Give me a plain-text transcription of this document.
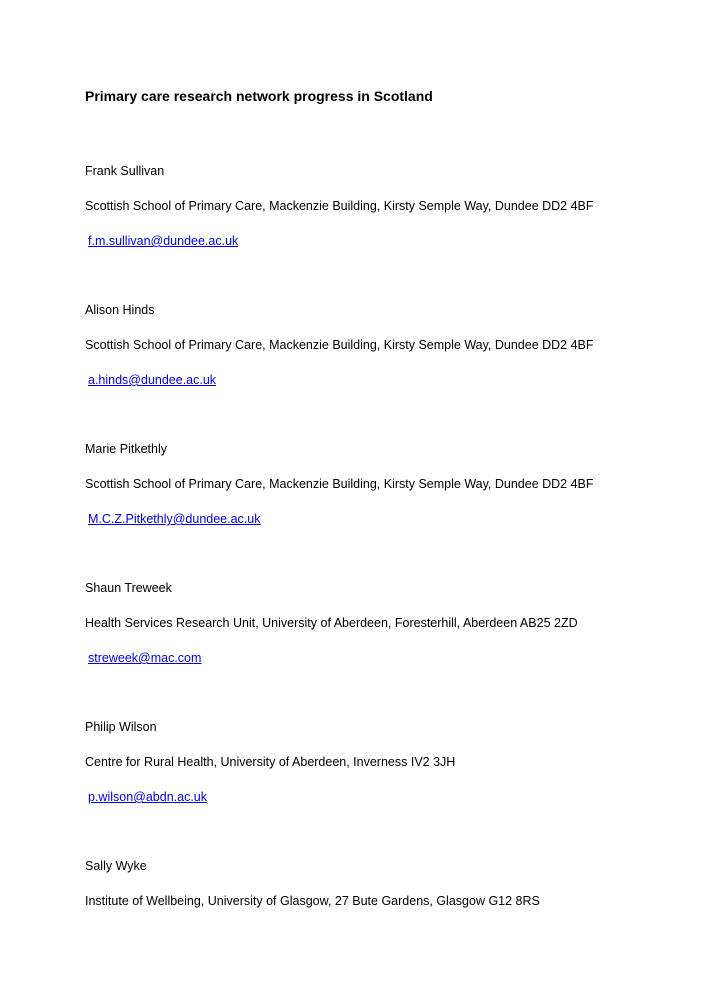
Primary care research network progress in Scotland
Frank Sullivan
Scottish School of Primary Care, Mackenzie Building, Kirsty Semple Way, Dundee DD2 4BF
f.m.sullivan@dundee.ac.uk
Alison Hinds
Scottish School of Primary Care, Mackenzie Building, Kirsty Semple Way, Dundee DD2 4BF
a.hinds@dundee.ac.uk
Marie Pitkethly
Scottish School of Primary Care, Mackenzie Building, Kirsty Semple Way, Dundee DD2 4BF
M.C.Z.Pitkethly@dundee.ac.uk
Shaun Treweek
Health Services Research Unit, University of Aberdeen, Foresterhill, Aberdeen AB25 2ZD
streweek@mac.com
Philip Wilson
Centre for Rural Health, University of Aberdeen, Inverness IV2 3JH
p.wilson@abdn.ac.uk
Sally Wyke
Institute of Wellbeing, University of Glasgow, 27 Bute Gardens, Glasgow G12 8RS
